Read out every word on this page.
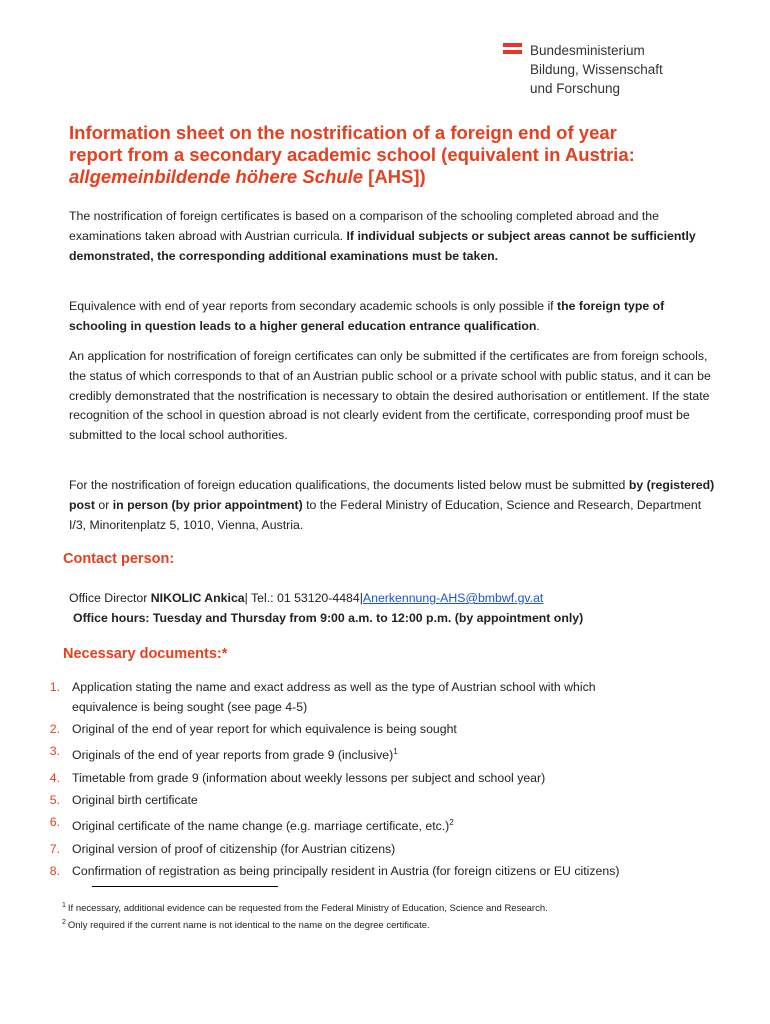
Bundesministerium
Bildung, Wissenschaft
und Forschung
Information sheet on the nostrification of a foreign end of year
report from a secondary academic school (equivalent in Austria:
allgemeinbildende höhere Schule [AHS])
The nostrification of foreign certificates is based on a comparison of the schooling completed abroad and the examinations taken abroad with Austrian curricula. If individual subjects or subject areas cannot be sufficiently demonstrated, the corresponding additional examinations must be taken.
Equivalence with end of year reports from secondary academic schools is only possible if the foreign type of schooling in question leads to a higher general education entrance qualification.
An application for nostrification of foreign certificates can only be submitted if the certificates are from foreign schools, the status of which corresponds to that of an Austrian public school or a private school with public status, and it can be credibly demonstrated that the nostrification is necessary to obtain the desired authorisation or entitlement. If the state recognition of the school in question abroad is not clearly evident from the certificate, corresponding proof must be submitted to the local school authorities.
For the nostrification of foreign education qualifications, the documents listed below must be submitted by (registered) post or in person (by prior appointment) to the Federal Ministry of Education, Science and Research, Department I/3, Minoritenplatz 5, 1010, Vienna, Austria.
Contact person:
Office Director NIKOLIC Ankica| Tel.: 01 53120-4484|Anerkennung-AHS@bmbwf.gv.at
Office hours: Tuesday and Thursday from 9:00 a.m. to 12:00 p.m. (by appointment only)
Necessary documents:*
1 . Application stating the name and exact address as well as the type of Austrian school with which
equivalence is being sought (see page 4-5)
2 . Original of the end of year report for which equivalence is being sought
3 . Originals of the end of year reports from grade 9 (inclusive)$^1$
4 . Timetable from grade 9 (information about weekly lessons per subject and school year)
5 . Original birth certificate
6 . Original certificate of the name change (e.g. marriage certificate, etc.)$^2$
7 . Original version of proof of citizenship (for Austrian citizens)
8 . Confirmation of registration as being principally resident in Austria (for foreign citizens or EU citizens)
$^1$ If necessary, additional evidence can be requested from the Federal Ministry of Education, Science and Research.
$^2$ Only required if the current name is not identical to the name on the degree certificate.
